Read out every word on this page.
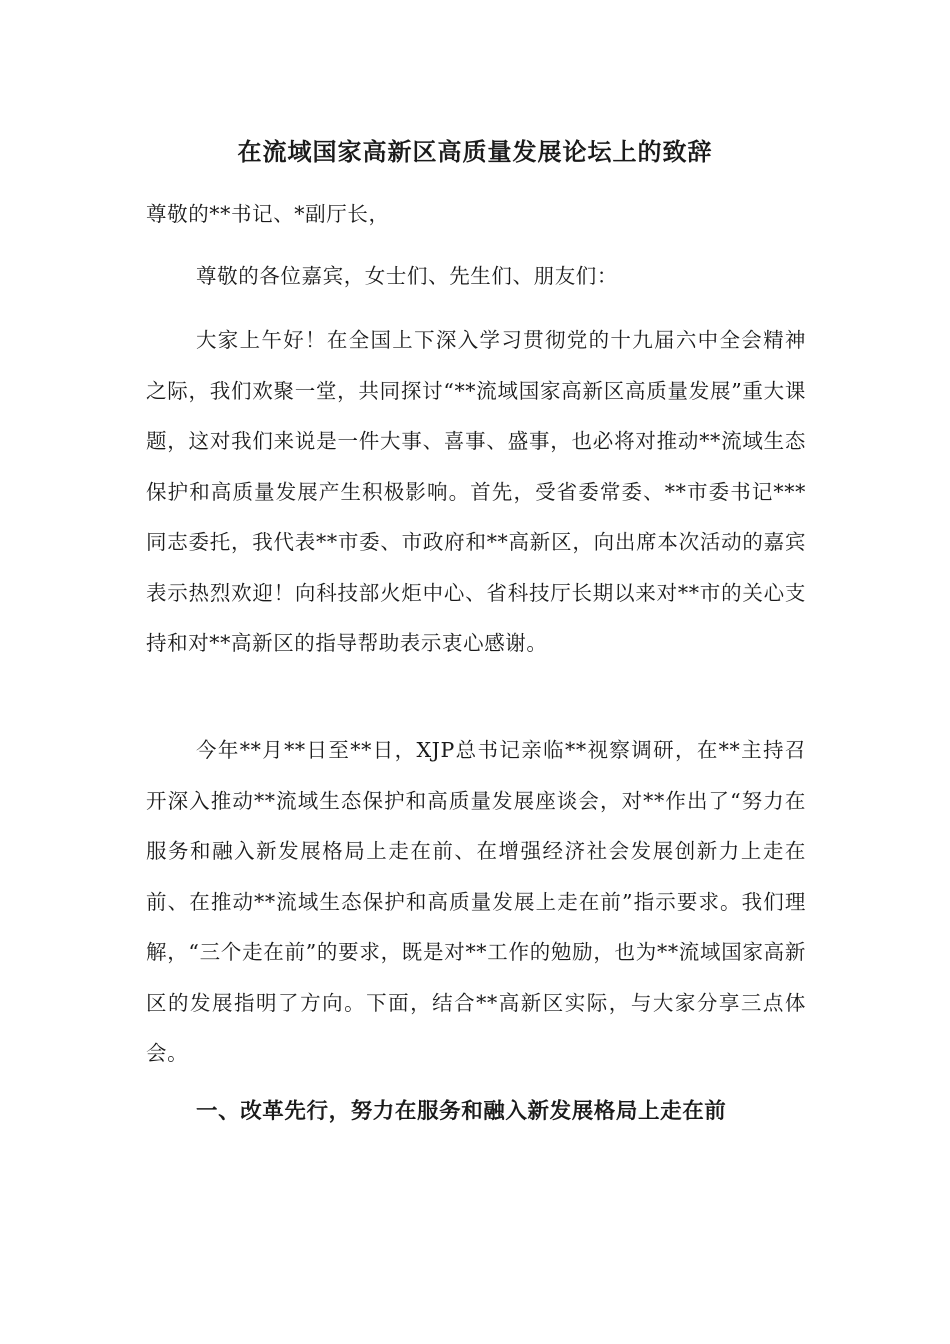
在流域国家高新区高质量发展论坛上的致辞

尊敬的**书记、*副厅长，

尊敬的各位嘉宾，女士们、先生们、朋友们：

大家上午好！在全国上下深入学习贯彻党的十九届六中全会精神之际，我们欢聚一堂，共同探讨“**流域国家高新区高质量发展”重大课题，这对我们来说是一件大事、喜事、盛事，也必将对推动**流域生态保护和高质量发展产生积极影响。首先，受省委常委、**市委书记***同志委托，我代表**市委、市政府和**高新区，向出席本次活动的嘉宾表示热烈欢迎！向科技部火炬中心、省科技厅长期以来对**市的关心支持和对**高新区的指导帮助表示衷心感谢。

今年**月**日至**日，XJP总书记亲临**视察调研，在**主持召开深入推动**流域生态保护和高质量发展座谈会，对**作出了“努力在服务和融入新发展格局上走在前、在增强经济社会发展创新力上走在前、在推动**流域生态保护和高质量发展上走在前”指示要求。我们理解，“三个走在前”的要求，既是对**工作的勉励，也为**流域国家高新区的发展指明了方向。下面，结合**高新区实际，与大家分享三点体会。

一、改革先行，努力在服务和融入新发展格局上走在前
